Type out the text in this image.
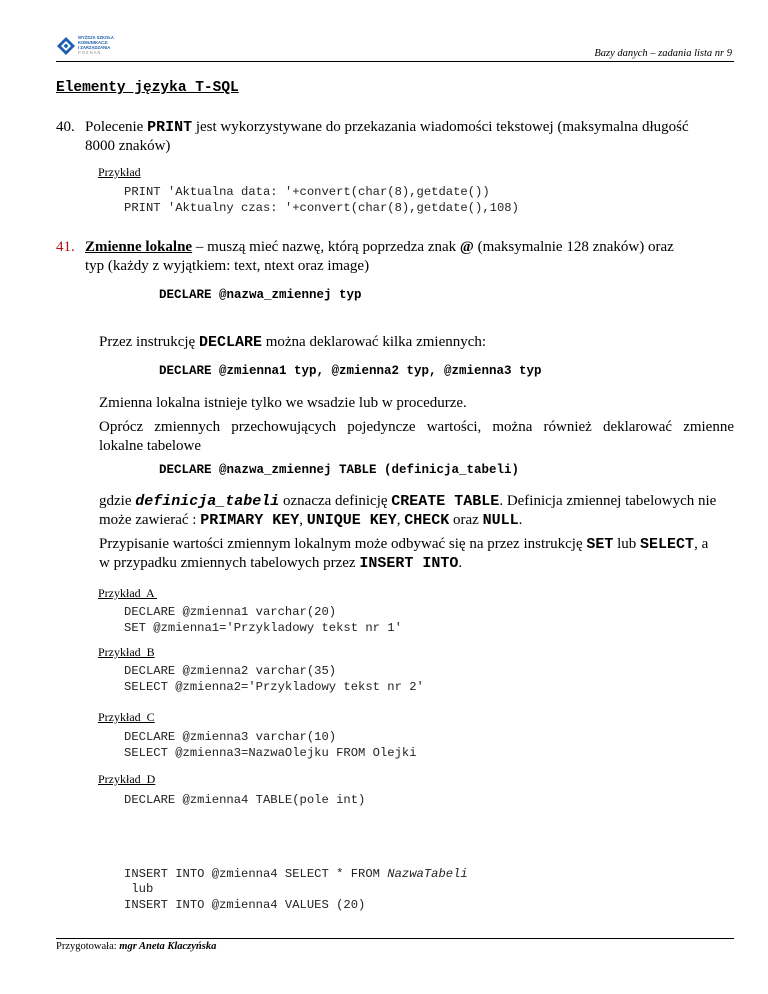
WYŻSZA SZKOŁA
KOMUNIKACJI
I ZARZĄDZANIA
POZNAŃ	Bazy danych – zadania lista nr 9
Elementy języka T-SQL
40. Polecenie PRINT jest wykorzystywane do przekazania wiadomości tekstowej (maksymalna długość
8000 znaków)
Przykład
PRINT 'Aktualna data: '+convert(char(8),getdate())
PRINT 'Aktualny czas: '+convert(char(8),getdate(),108)
41. Zmienne lokalne – muszą mieć nazwę, którą poprzedza znak @ (maksymalnie 128 znaków) oraz
typ (każdy z wyjątkiem: text, ntext oraz image)
DECLARE @nazwa_zmiennej typ
Przez instrukcję DECLARE można deklarować kilka zmiennych:
DECLARE @zmienna1 typ, @zmienna2 typ, @zmienna3 typ
Zmienna lokalna istnieje tylko we wsadzie lub w procedurze.
Oprócz zmiennych przechowujących pojedyncze wartości, można również deklarować zmienne
lokalne tabelowe
DECLARE @nazwa_zmiennej TABLE (definicja_tabeli)
gdzie definicja_tabeli oznacza definicję CREATE TABLE. Definicja zmiennej tabelowych nie
może zawierać : PRIMARY KEY, UNIQUE KEY, CHECK oraz NULL.
Przypisanie wartości zmiennym lokalnym może odbywać się na przez instrukcję SET lub SELECT, a
w przypadku zmiennych tabelowych przez INSERT INTO.
Przykład  A
DECLARE @zmienna1 varchar(20)
SET @zmienna1='Przykladowy tekst nr 1'
Przykład  B
DECLARE @zmienna2 varchar(35)
SELECT @zmienna2='Przykladowy tekst nr 2'
Przykład  C
DECLARE @zmienna3 varchar(10)
SELECT @zmienna3=NazwaOlejku FROM Olejki
Przykład  D
DECLARE @zmienna4 TABLE(pole int)
INSERT INTO @zmienna4 SELECT * FROM NazwaTabeli
lub
INSERT INTO @zmienna4 VALUES (20)
Przygotowała: mgr Aneta Klaczyńska
